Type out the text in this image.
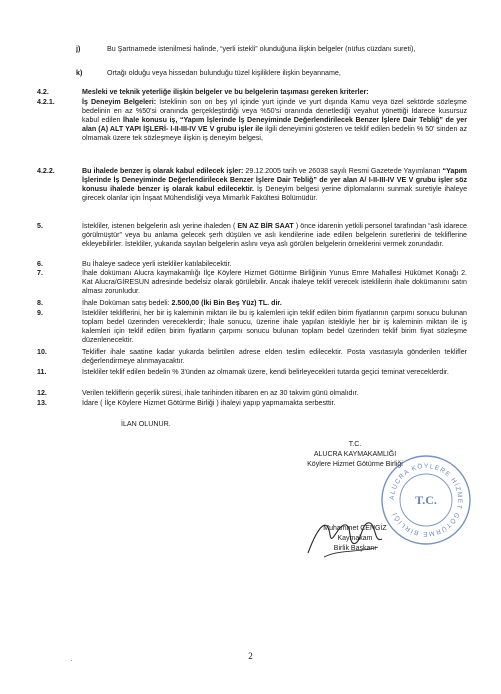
j)	Bu Şartnamede istenilmesi halinde, “yerli istekli” olunduğuna ilişkin belgeler (nüfus cüzdanı sureti),
k)	Ortağı olduğu veya hissedarı bulunduğu tüzel kişiliklere ilişkin beyanname,
4.2.	Mesleki ve teknik yeterliğe ilişkin belgeler ve bu belgelerin taşıması gereken kriterler:
4.2.1.	İş Deneyim Belgeleri: İsteklinin son on beş yıl içinde yurt içinde ve yurt dışında Kamu veya özel sektörde sözleşme bedelinin en az %50'si oranında gerçekleştirdiği veya %50'si oranında denetlediği veyahut yönettiği İdarece kusursuz kabul edilen İhale konusu iş, “Yapım İşlerinde İş Deneyiminde Değerlendirilecek Benzer İşlere Dair Tebliğ” de yer alan (A) ALT YAPI İŞLERİ- I-II-III-IV VE V grubu işler ile ilgili deneyimini gösteren ve teklif edilen bedelin % 50' sinden az olmamak üzere tek sözleşmeye ilişkin iş deneyim belgesi,
4.2.2.	Bu ihalede benzer iş olarak kabul edilecek işler: 29.12.2005 tarih ve 26038 sayılı Resmi Gazetede Yayımlanan “Yapım İşlerinde İş Deneyiminde Değerlendirilecek Benzer İşlere Dair Tebliğ” de yer alan A/ I-II-III-IV VE V grubu işler söz konusu ihalede benzer iş olarak kabul edilecektir. İş Deneyim belgesi yerine diplomalarını sunmak suretiyle ihaleye girecek olanlar için İnşaat Mühendisliği veya Mimarlık Fakültesi Bölümüdür.
5.	İstekliler, istenen belgelerin aslı yerine ihaleden ( EN AZ BİR SAAT ) önce idarenin yetkili personel tarafından “aslı idarece görülmüştür” veya bu anlama gelecek şerh düşülen ve aslı kendilerine iade edilen belgelerin suretlerini de tekliflerine ekleyebilirler. İstekliler, yukarıda sayılan belgelerin aslını veya aslı görülen belgelerin örneklerini vermek zorundadır.
6.	Bu İhaleye sadece yerli istekliler katılabilecektir.
7.	İhale dokümanı Alucra kaymakamlığı İlçe Köylere Hizmet Götürme Birliğinin Yunus Emre Mahallesi Hükümet Konağı 2. Kat Alucra/GİRESUN adresinde bedelsiz olarak görülebilir. Ancak ihaleye teklif verecek isteklilerin ihale dokümanını satın alması zorunludur.
8.	İhale Doküman satış bedeli: 2.500,00 (İki Bin Beş Yüz) TL. dir.
9.	İstekliler tekliflerini, her bir iş kaleminin miktarı ile bu iş kalemleri için teklif edilen birim fiyatlarının çarpımı sonucu bulunan toplam bedel üzerinden vereceklerdir; İhale sonucu, üzerine ihale yapılan istekliyle her bir iş kaleminin miktarı ile iş kalemleri için teklif edilen birim fiyatların çarpımı sonucu bulunan toplam bedel üzerinden teklif birim fiyat sözleşme düzenlenecektir.
10.	Teklifler ihale saatine kadar yukarda belirtilen adrese elden teslim edilecektir. Posta vasıtasıyla gönderilen teklifler değerlendirmeye alınmayacaktır.
11.	İstekliler teklif edilen bedelin % 3'ünden az olmamak üzere, kendi belirleyecekleri tutarda geçici teminat vereceklerdir.
12.	Verilen tekliflerin geçerlik süresi, ihale tarihinden itibaren en az 30 takvim günü olmalıdır.
13.	İdare ( İlçe Köylere Hizmet Götürme Birliği ) ihaleyi yapıp yapmamakta serbesttir.
İLAN OLUNUR.
T.C.
ALUCRA KAYMAKAMLIĞI
Köylere Hizmet Götürme Birliği
ALUCRA KÖYLERE HİZMET GÖTÜRME BİRLİĞİ
T.C.
Muhammet CENGİZ
Kaymakam
Birlik Başkanı
2
